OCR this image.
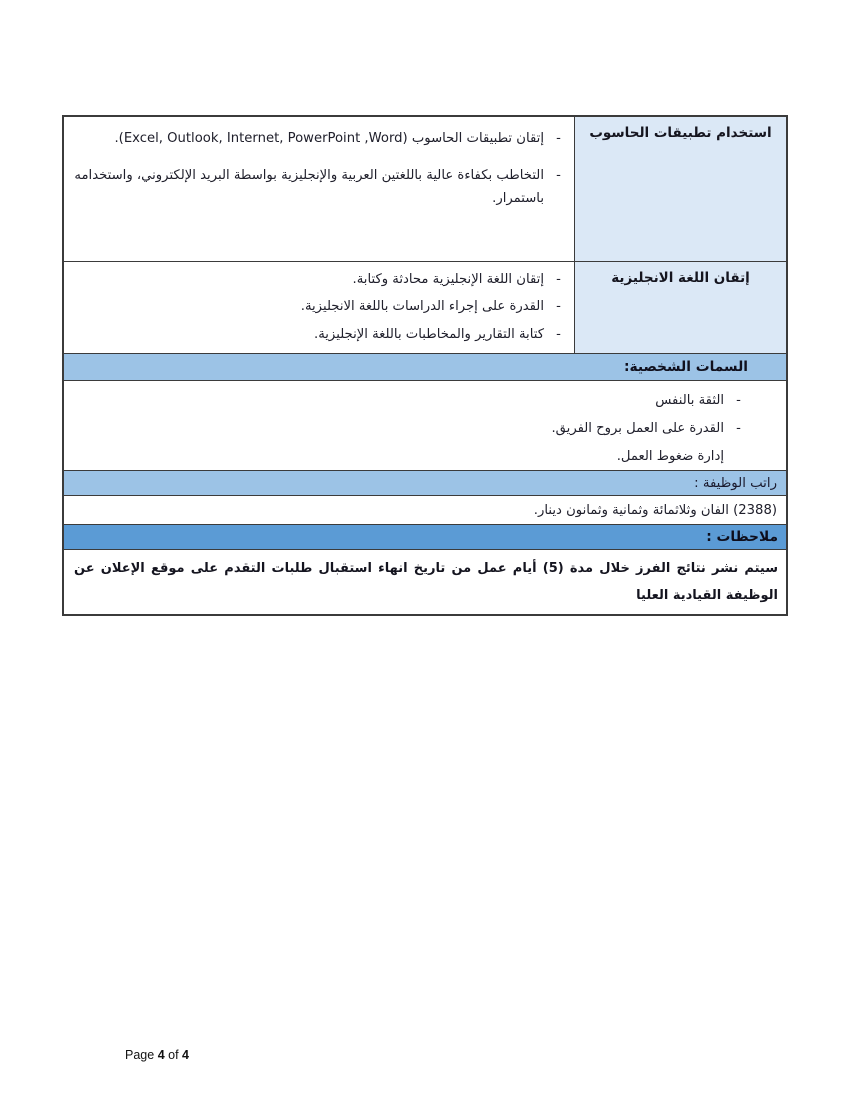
استخدام تطبيقات الحاسوب
-
إتقان تطبيقات الحاسوب (Excel, Outlook, Internet, PowerPoint ,Word).
-
التخاطب بكفاءة عالية باللغتين العربية والإنجليزية بواسطة البريد الإلكتروني، واستخدامه باستمرار.
إتقان اللغة الانجليزية
-
إتقان اللغة الإنجليزية محادثة وكتابة.
-
القدرة على إجراء الدراسات باللغة الانجليزية.
-
كتابة التقارير والمخاطبات باللغة الإنجليزية.
السمات الشخصية:
-
الثقة بالنفس
-
القدرة على العمل بروح الفريق.
إدارة ضغوط العمل.
راتب الوظيفة :
(2388) الفان وثلاثمائة وثمانية وثمانون دينار.
ملاحظات :
سيتم نشر نتائج الفرز خلال مدة (5) أيام عمل من تاريخ انهاء استقبال طلبات التقدم على موقع الإعلان عن الوظيفة القيادية العليا
Page 4 of 4
